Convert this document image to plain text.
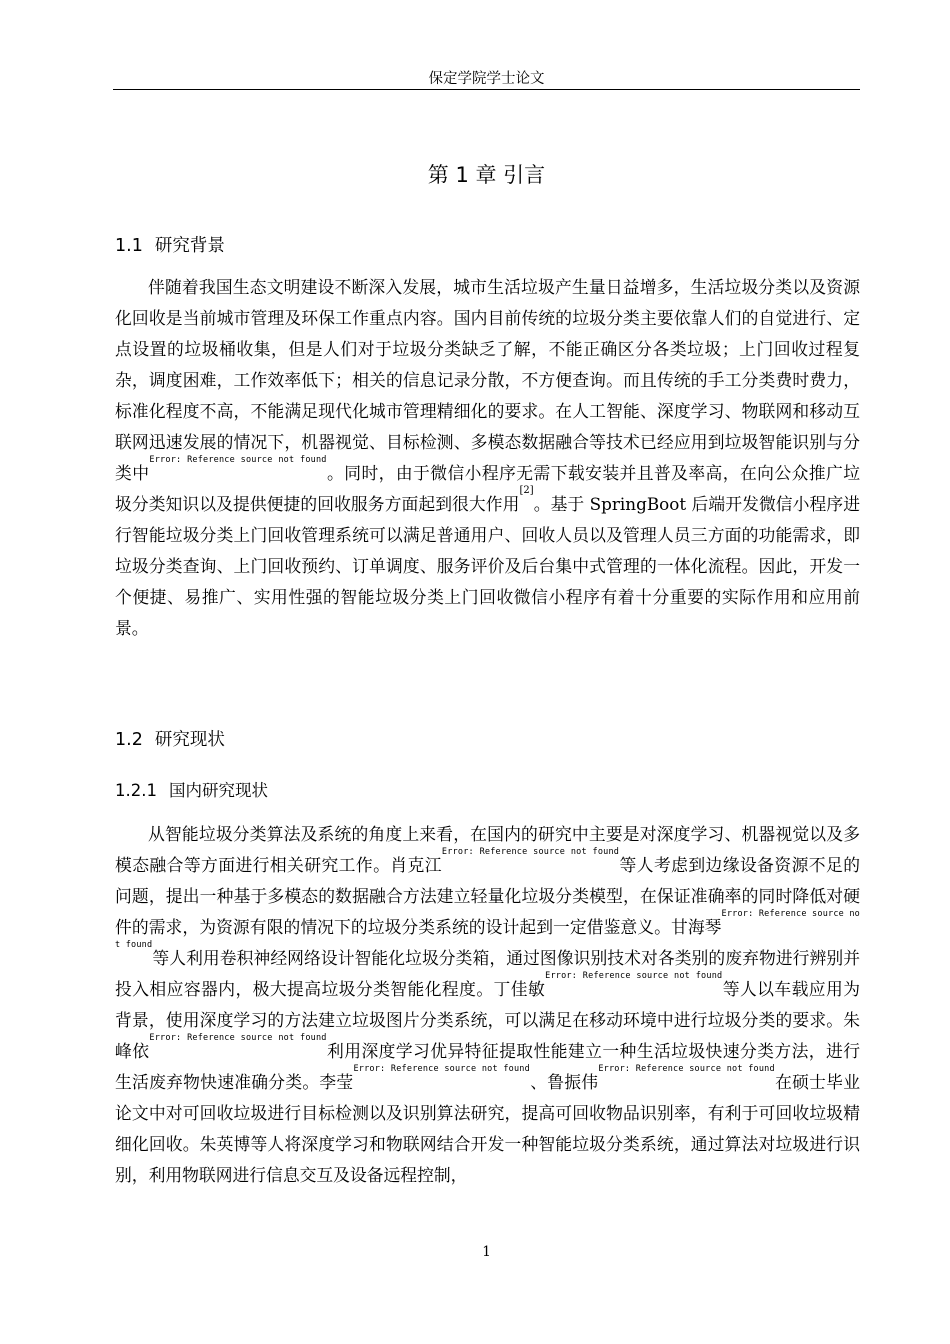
保定学院学士论文
第 1 章 引言
1.1 研究背景

伴随着我国生态文明建设不断深入发展，城市生活垃圾产生量日益增多，生活垃圾分类以及资源化回收是当前城市管理及环保工作重点内容。国内目前传统的垃圾分类主要依靠人们的自觉进行、定点设置的垃圾桶收集，但是人们对于垃圾分类缺乏了解，不能正确区分各类垃圾；上门回收过程复杂，调度困难，工作效率低下；相关的信息记录分散，不方便查询。而且传统的手工分类费时费力，标准化程度不高，不能满足现代化城市管理精细化的要求。在人工智能、深度学习、物联网和移动互联网迅速发展的情况下，机器视觉、目标检测、多模态数据融合等技术已经应用到垃圾智能识别与分类中$^{Error: Reference source not found}$。同时，由于微信小程序无需下载安装并且普及率高，在向公众推广垃圾分类知识以及提供便捷的回收服务方面起到很大作用[2]。基于 SpringBoot 后端开发微信小程序进行智能垃圾分类上门回收管理系统可以满足普通用户、回收人员以及管理人员三方面的功能需求，即垃圾分类查询、上门回收预约、订单调度、服务评价及后台集中式管理的一体化流程。因此，开发一个便捷、易推广、实用性强的智能垃圾分类上门回收微信小程序有着十分重要的实际作用和应用前景。

1.2 研究现状
1.2.1 国内研究现状

从智能垃圾分类算法及系统的角度上来看，在国内的研究中主要是对深度学习、机器视觉以及多模态融合等方面进行相关研究工作。肖克江$^{Error: Reference source not found}$等人考虑到边缘设备资源不足的问题，提出一种基于多模态的数据融合方法建立轻量化垃圾分类模型，在保证准确率的同时降低对硬件的需求，为资源有限的情况下的垃圾分类系统的设计起到一定借鉴意义。甘海琴$^{Error: Reference source not found}$等人利用卷积神经网络设计智能化垃圾分类箱，通过图像识别技术对各类别的废弃物进行辨别并投入相应容器内，极大提高垃圾分类智能化程度。丁佳敏$^{Error: Reference source not found}$等人以车载应用为背景，使用深度学习的方法建立垃圾图片分类系统，可以满足在移动环境中进行垃圾分类的要求。朱峰依$^{Error: Reference source not found}$利用深度学习优异特征提取性能建立一种生活垃圾快速分类方法，进行生活废弃物快速准确分类。李莹$^{Error: Reference source not found}$、鲁振伟$^{Error: Reference source not found}$在硕士毕业论文中对可回收垃圾进行目标检测以及识别算法研究，提高可回收物品识别率，有利于可回收垃圾精细化回收。朱英博等人将深度学习和物联网结合开发一种智能垃圾分类系统，通过算法对垃圾进行识别，利用物联网进行信息交互及设备远程控制，

1
